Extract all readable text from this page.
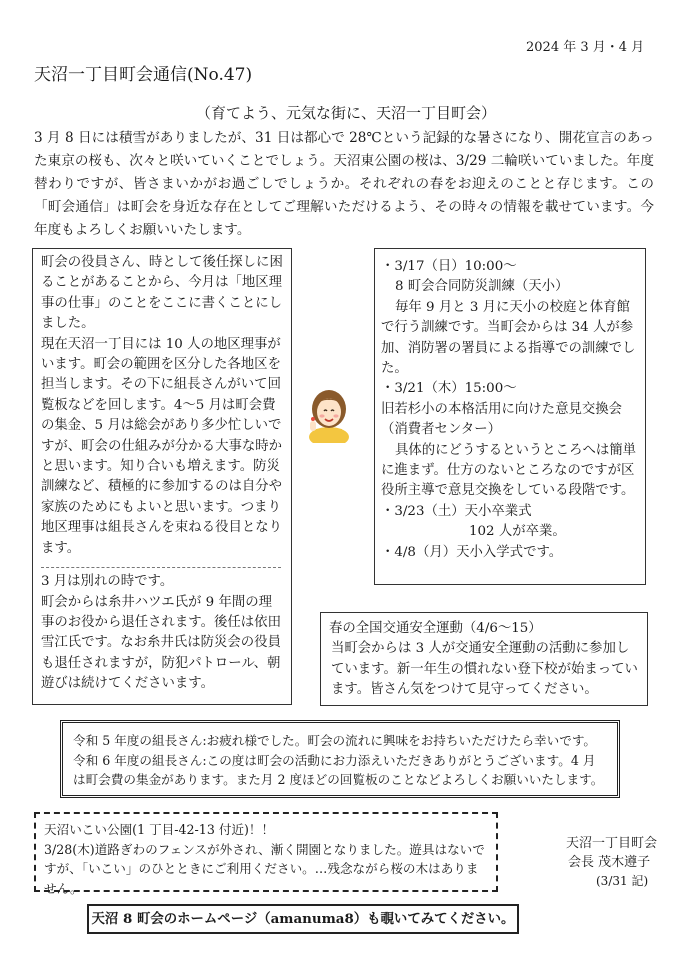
2024 年 3 月・4 月
天沼一丁目町会通信(No.47)
（育てよう、元気な街に、天沼一丁目町会）
3 月 8 日には積雪がありましたが、31 日は都心で 28℃という記録的な暑さになり、開花宣言のあった東京の桜も、次々と咲いていくことでしょう。天沼東公園の桜は、3/29 二輪咲いていました。年度替わりですが、皆さまいかがお過ごしでしょうか。それぞれの春をお迎えのことと存じます。この「町会通信」は町会を身近な存在としてご理解いただけるよう、その時々の情報を載せています。今年度もよろしくお願いいたします。

町会の役員さん、時として後任探しに困ることがあることから、今月は「地区理事の仕事」のことをここに書くことにしました。

現在天沼一丁目には 10 人の地区理事がいます。町会の範囲を区分した各地区を担当します。その下に組長さんがいて回覧板などを回します。4～5 月は町会費の集金、5 月は総会があり多少忙しいですが、町会の仕組みが分かる大事な時かと思います。知り合いも増えます。防災訓練など、積極的に参加するのは自分や家族のためにもよいと思います。つまり地区理事は組長さんを束ねる役目となります。

3 月は別れの時です。

町会からは糸井ハツエ氏が 9 年間の理事のお役から退任されます。後任は依田雪江氏です。なお糸井氏は防災会の役員も退任されますが，防犯パトロール、朝遊びは続けてくださいます。

・3/17（日）10:00～

8 町会合同防災訓練（天小）

毎年 9 月と 3 月に天小の校庭と体育館で行う訓練です。当町会からは 34 人が参加、消防署の署員による指導での訓練でした。

・3/21（木）15:00～

旧若杉小の本格活用に向けた意見交換会（消費者センター）

具体的にどうするというところへは簡単に進まず。仕方のないところなのですが区役所主導で意見交換をしている段階です。

・3/23（土）天小卒業式

102 人が卒業。

・4/8（月）天小入学式です。

春の全国交通安全運動（4/6～15）

当町会からは 3 人が交通安全運動の活動に参加しています。新一年生の慣れない登下校が始まっています。皆さん気をつけて見守ってください。

令和 5 年度の組長さん:お疲れ様でした。町会の流れに興味をお持ちいただけたら幸いです。

令和 6 年度の組長さん:この度は町会の活動にお力添えいただきありがとうございます。4 月は町会費の集金があります。また月 2 度ほどの回覧板のことなどよろしくお願いいたします。

天沼いこい公園(1 丁目-42-13 付近)！！

3/28(木)道路ぎわのフェンスが外され、漸く開園となりました。遊具はないですが、「いこい」のひとときにご利用ください。…残念ながら桜の木はありません。

天沼一丁目町会
会長 茂木遵子
(3/31 記)
天沼 8 町会のホームページ（amanuma8）も覗いてみてください。
